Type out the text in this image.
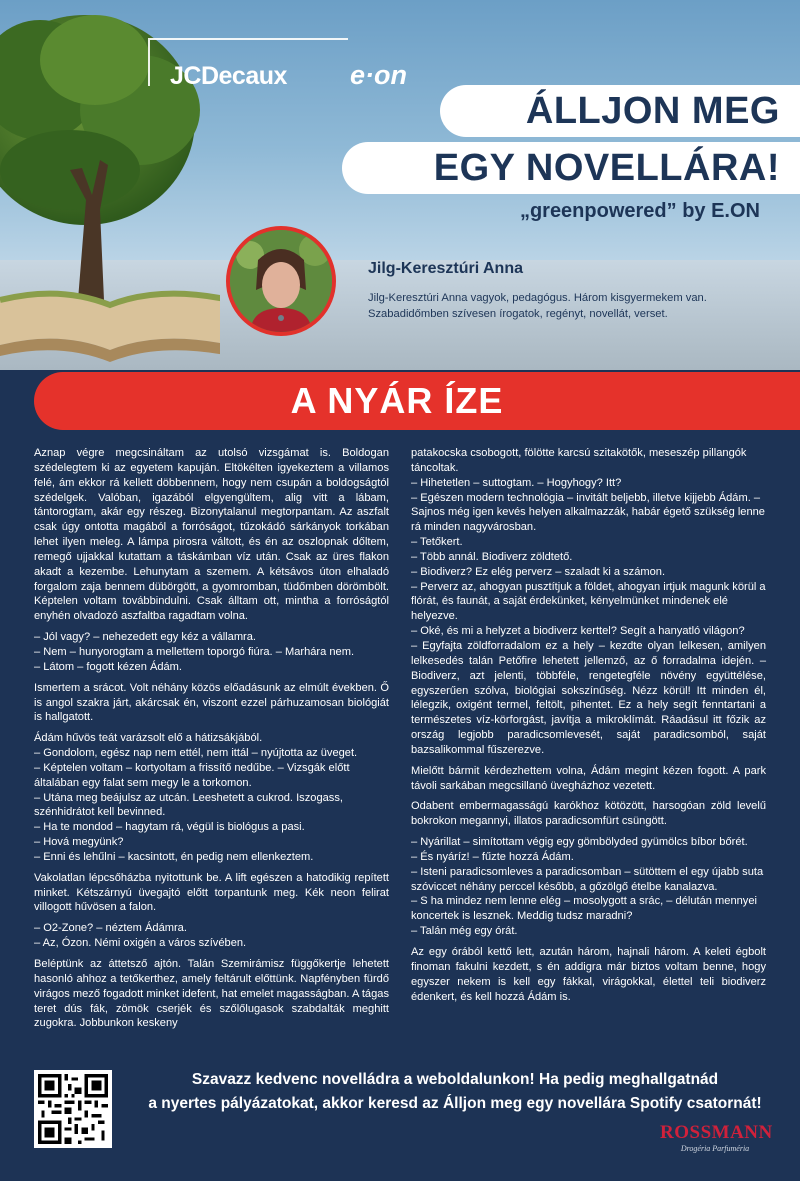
JCDecaux e·on
ÁLLJON MEG
EGY NOVELLÁRA!
„greenpowered” by E.ON
Jilg-Keresztúri Anna
Jilg-Keresztúri Anna vagyok, pedagógus. Három kisgyermekem van.
Szabadidőmben szívesen írogatok, regényt, novellát, verset.
A NYÁR ÍZE

Aznap végre megcsináltam az utolsó vizsgámat is. Boldogan szédelegtem ki az egyetem kapuján. Eltökélten igyekeztem a villamos felé, ám ekkor rá kellett döbbennem, hogy nem csupán a boldogságtól szédelgek. Valóban, igazából elgyengültem, alig vitt a lábam, tántorogtam, akár egy részeg. Bizonytalanul megtorpantam. Az aszfalt csak úgy ontotta magából a forróságot, tűzokádó sárkányok torkában lehet ilyen meleg. A lámpa pirosra váltott, és én az oszlopnak dőltem, remegő ujjakkal kutattam a táskámban víz után. Csak az üres flakon akadt a kezembe. Lehunytam a szemem. A kétsávos úton elhaladó forgalom zaja bennem dübörgött, a gyomromban, tüdőmben dörömbölt. Képtelen voltam továbbindulni. Csak álltam ott, mintha a forróságtól enyhén olvadozó aszfaltba ragadtam volna.

– Jól vagy? – nehezedett egy kéz a vállamra.

– Nem – hunyorogtam a mellettem toporgó fiúra. – Marhára nem.

– Látom – fogott kézen Ádám.

Ismertem a srácot. Volt néhány közös előadásunk az elmúlt években. Ő is angol szakra járt, akárcsak én, viszont ezzel párhuzamosan biológiát is hallgatott.

Ádám hűvös teát varázsolt elő a hátizsákjából.

– Gondolom, egész nap nem ettél, nem ittál – nyújtotta az üveget.

– Képtelen voltam – kortyoltam a frissítő nedűbe. – Vizsgák előtt általában egy falat sem megy le a torkomon.

– Utána meg beájulsz az utcán. Leeshetett a cukrod. Iszogass, szénhidrátot kell bevinned.

– Ha te mondod – hagytam rá, végül is biológus a pasi.

– Hová megyünk?

– Enni és lehűlni – kacsintott, én pedig nem ellenkeztem.

Vakolatlan lépcsőházba nyitottunk be. A lift egészen a hatodikig repített minket. Kétszárnyú üvegajtó előtt torpantunk meg. Kék neon felirat villogott hűvösen a falon.

– O2-Zone? – néztem Ádámra.

– Az, Ózon. Némi oxigén a város szívében.

Beléptünk az áttetsző ajtón. Talán Szemirámisz függőkertje lehetett hasonló ahhoz a tetőkerthez, amely feltárult előttünk. Napfényben fürdő virágos mező fogadott minket idefent, hat emelet magasságban. A tágas teret dús fák, zömök cserjék és szőlőlugasok szabdalták meghitt zugokra. Jobbunkon keskeny

patakocska csobogott, fölötte karcsú szitakötők, meseszép pillangók táncoltak.

– Hihetetlen – suttogtam. – Hogyhogy? Itt?

– Egészen modern technológia – invitált beljebb, illetve kijjebb Ádám. – Sajnos még igen kevés helyen alkalmazzák, habár égető szükség lenne rá minden nagyvárosban.

– Tetőkert.

– Több annál. Biodiverz zöldtető.

– Biodiverz? Ez elég perverz – szaladt ki a számon.

– Perverz az, ahogyan pusztítjuk a földet, ahogyan irtjuk magunk körül a flórát, és faunát, a saját érdekünket, kényelmünket mindenek elé helyezve.

– Oké, és mi a helyzet a biodiverz kerttel? Segít a hanyatló világon?

– Egyfajta zöldforradalom ez a hely – kezdte olyan lelkesen, amilyen lelkesedés talán Petőfire lehetett jellemző, az ő forradalma idején. – Biodiverz, azt jelenti, többféle, rengetegféle növény együttélése, egyszerűen szólva, biológiai sokszínűség. Nézz körül! Itt minden él, lélegzik, oxigént termel, feltölt, pihentet. Ez a hely segít fenntartani a természetes víz-körforgást, javítja a mikroklímát. Ráadásul itt főzik az ország legjobb paradicsomlevesét, saját paradicsomból, saját bazsalikommal fűszerezve.

Mielőtt bármit kérdezhettem volna, Ádám megint kézen fogott. A park távoli sarkában megcsillanó üvegházhoz vezetett.

Odabent embermagasságú karókhoz kötözött, harsogóan zöld levelű bokrokon megannyi, illatos paradicsomfürt csüngött.

– Nyárillat – simítottam végig egy gömbölyded gyümölcs bíbor bőrét.

– És nyáríz! – fűzte hozzá Ádám.

– Isteni paradicsomleves a paradicsomban – sütöttem el egy újabb suta szóviccet néhány perccel később, a gőzölgő ételbe kanalazva.

– S ha mindez nem lenne elég – mosolygott a srác, – délután mennyei koncertek is lesznek. Meddig tudsz maradni?

– Talán még egy órát.

Az egy órából kettő lett, azután három, hajnali három. A keleti égbolt finoman fakulni kezdett, s én addigra már biztos voltam benne, hogy egyszer nekem is kell egy fákkal, virágokkal, élettel teli biodiverz édenkert, és kell hozzá Ádám is.

Szavazz kedvenc novelládra a weboldalunkon! Ha pedig meghallgatnád
a nyertes pályázatokat, akkor keresd az Álljon meg egy novellára Spotify csatornát!
ROSSMANN
Drogéria Parfuméria
